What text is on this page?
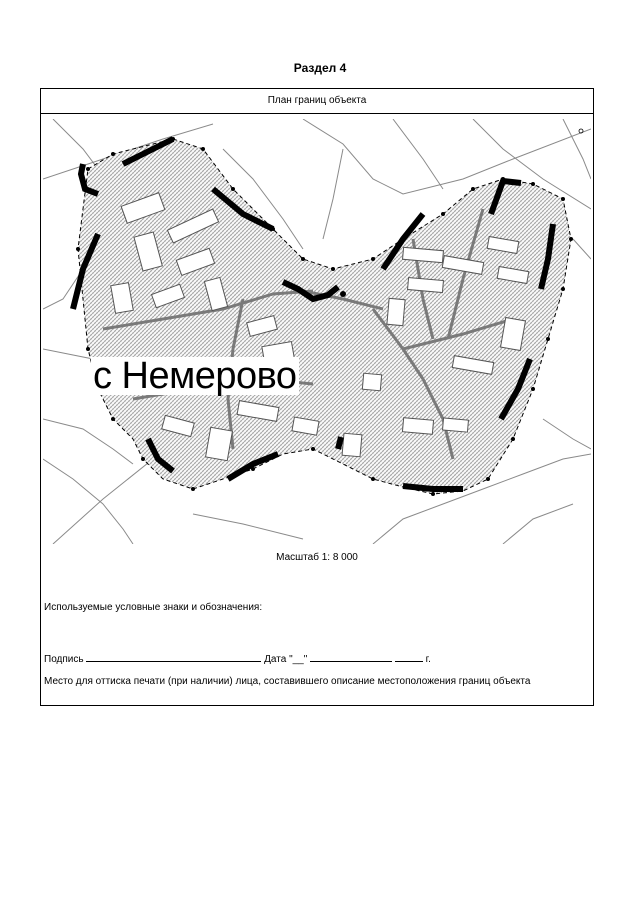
Раздел 4
План границ объекта
с Немерово
Масштаб 1: 8 000
Используемые условные знаки и обозначения:
Подпись	Дата "__"	г.
Место для оттиска печати (при наличии) лица, составившего описание местоположения границ объекта
